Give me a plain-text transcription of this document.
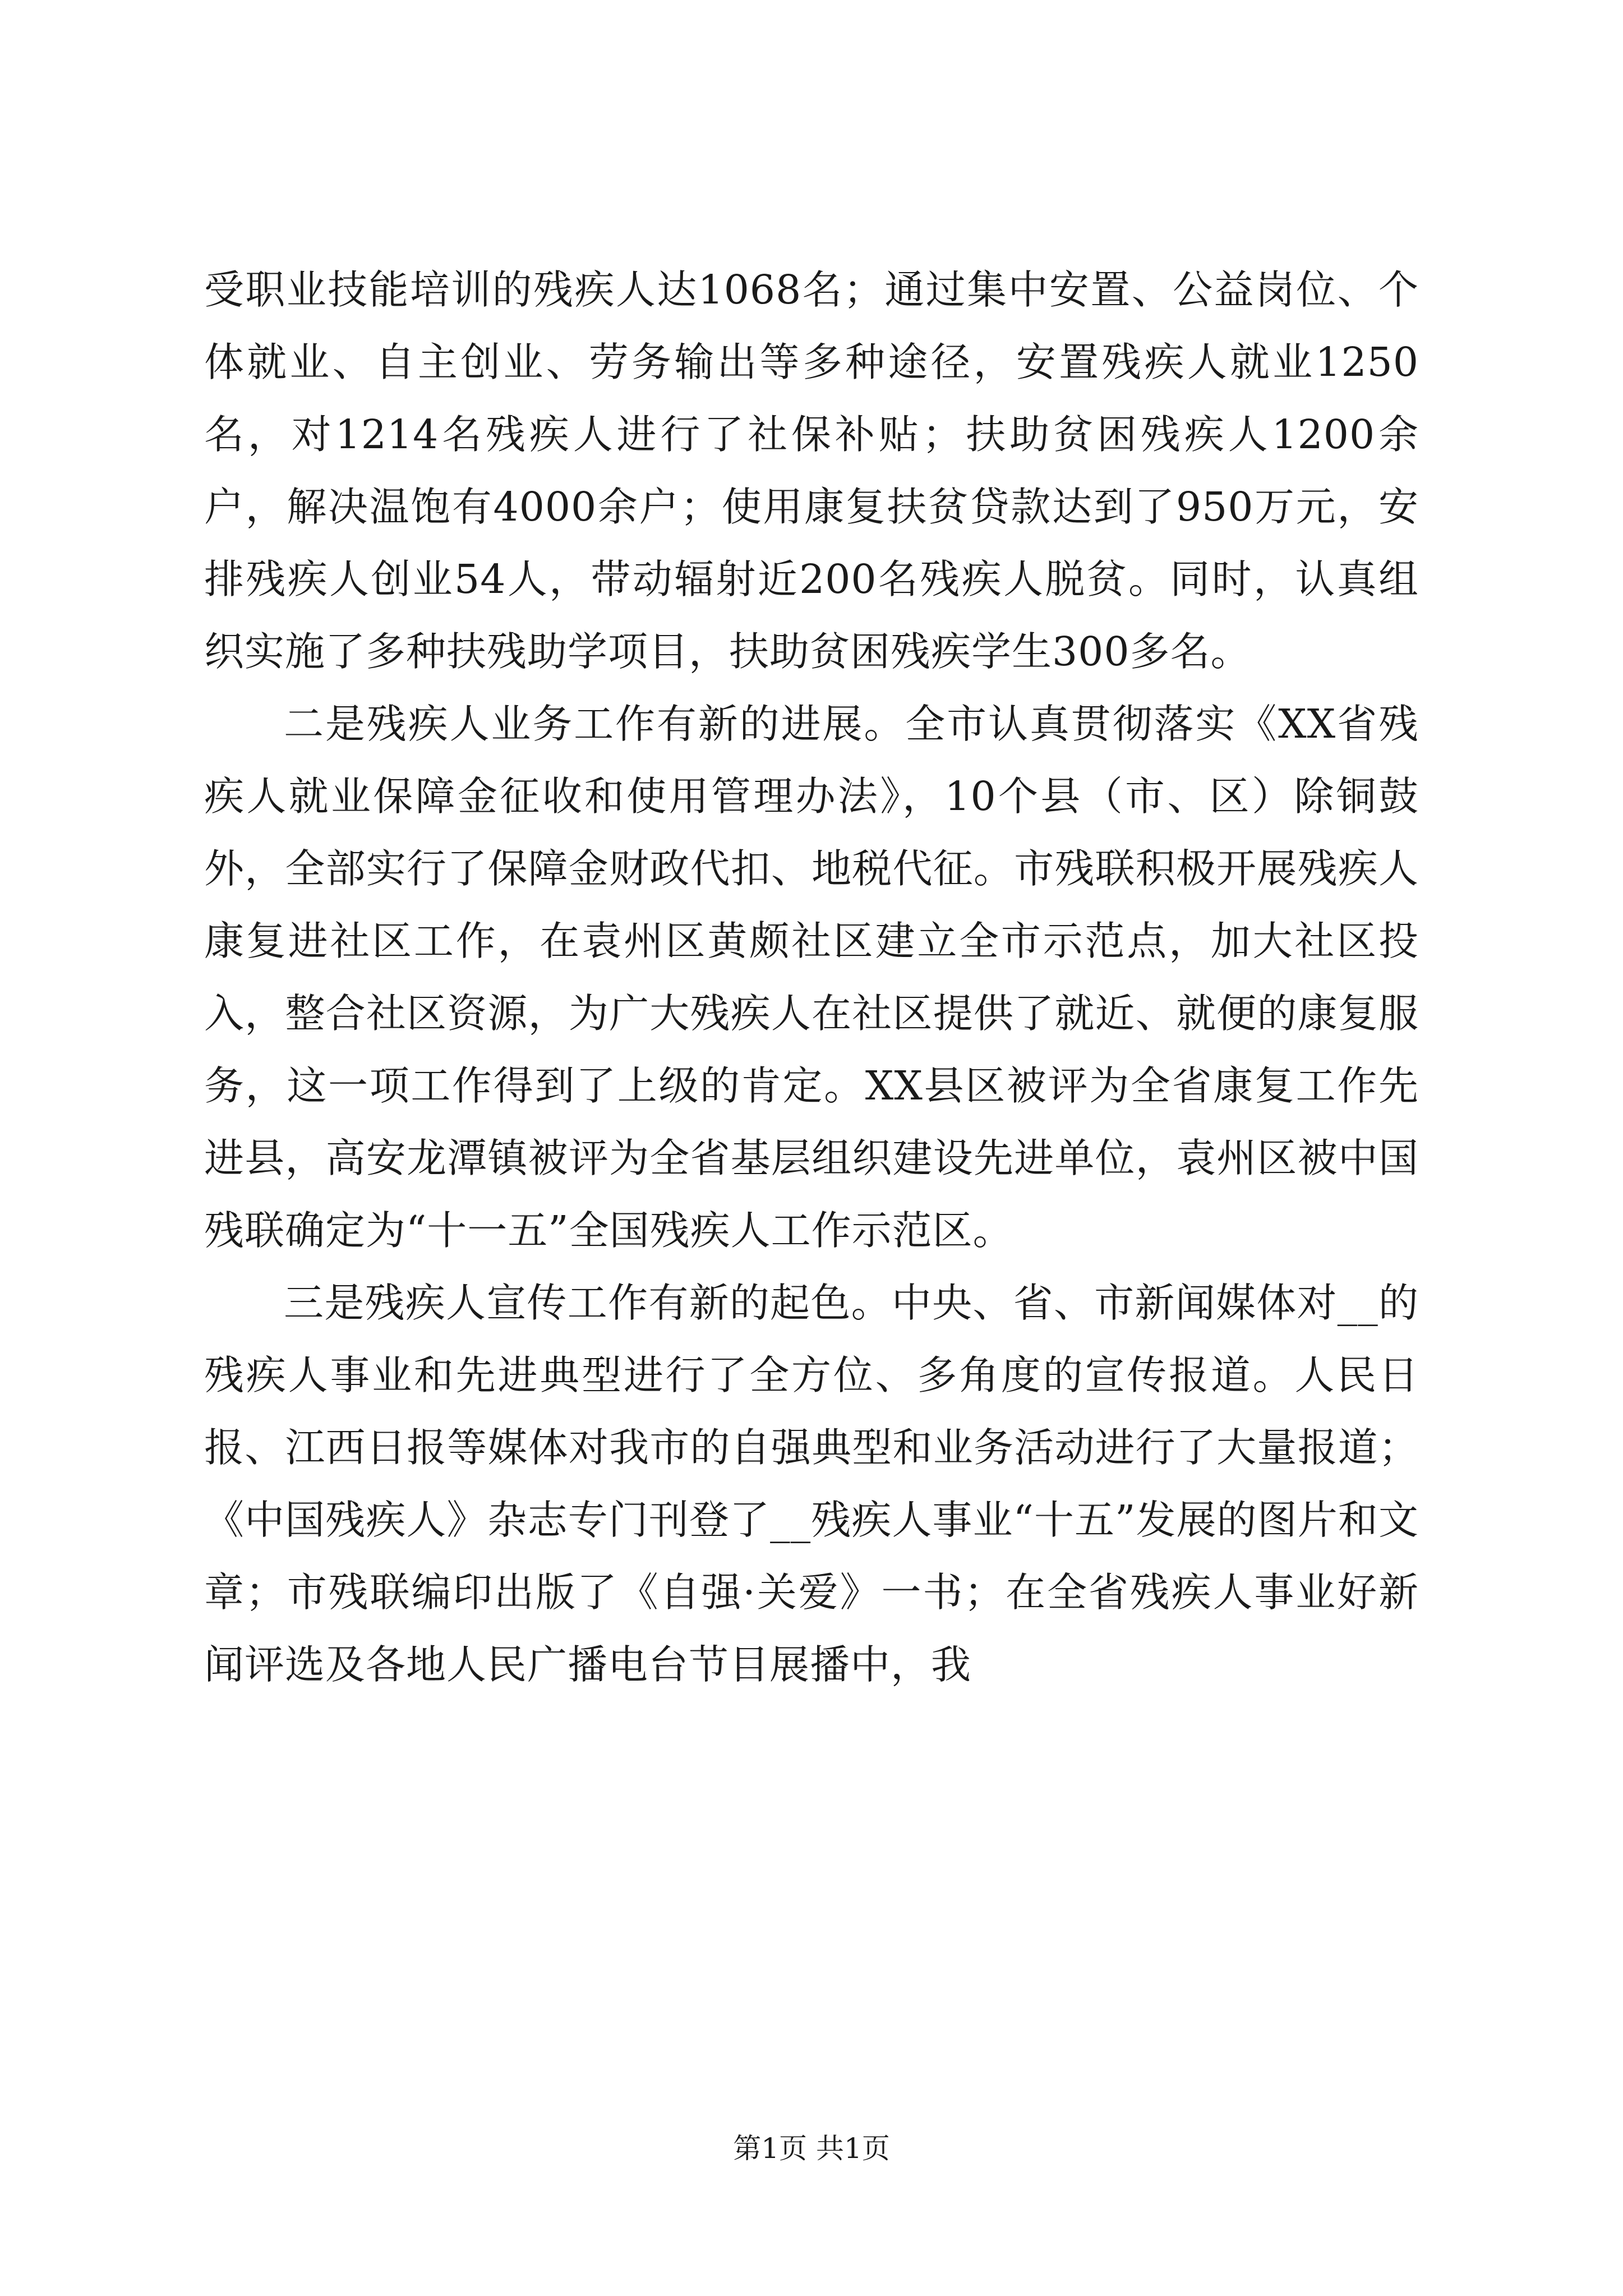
受职业技能培训的残疾人达1068名；通过集中安置、公益岗位、个体就业、自主创业、劳务输出等多种途径，安置残疾人就业1250名，对1214名残疾人进行了社保补贴；扶助贫困残疾人1200余户，解决温饱有4000余户；使用康复扶贫贷款达到了950万元，安排残疾人创业54人，带动辐射近200名残疾人脱贫。同时，认真组织实施了多种扶残助学项目，扶助贫困残疾学生300多名。

二是残疾人业务工作有新的进展。全市认真贯彻落实《XX省残疾人就业保障金征收和使用管理办法》，10个县（市、区）除铜鼓外，全部实行了保障金财政代扣、地税代征。市残联积极开展残疾人康复进社区工作，在袁州区黄颇社区建立全市示范点，加大社区投入，整合社区资源，为广大残疾人在社区提供了就近、就便的康复服务，这一项工作得到了上级的肯定。XX县区被评为全省康复工作先进县，高安龙潭镇被评为全省基层组织建设先进单位，袁州区被中国残联确定为“十一五”全国残疾人工作示范区。

三是残疾人宣传工作有新的起色。中央、省、市新闻媒体对__的残疾人事业和先进典型进行了全方位、多角度的宣传报道。人民日报、江西日报等媒体对我市的自强典型和业务活动进行了大量报道；《中国残疾人》杂志专门刊登了__残疾人事业“十五”发展的图片和文章；市残联编印出版了《自强·关爱》一书；在全省残疾人事业好新闻评选及各地人民广播电台节目展播中，我

第1页 共1页
